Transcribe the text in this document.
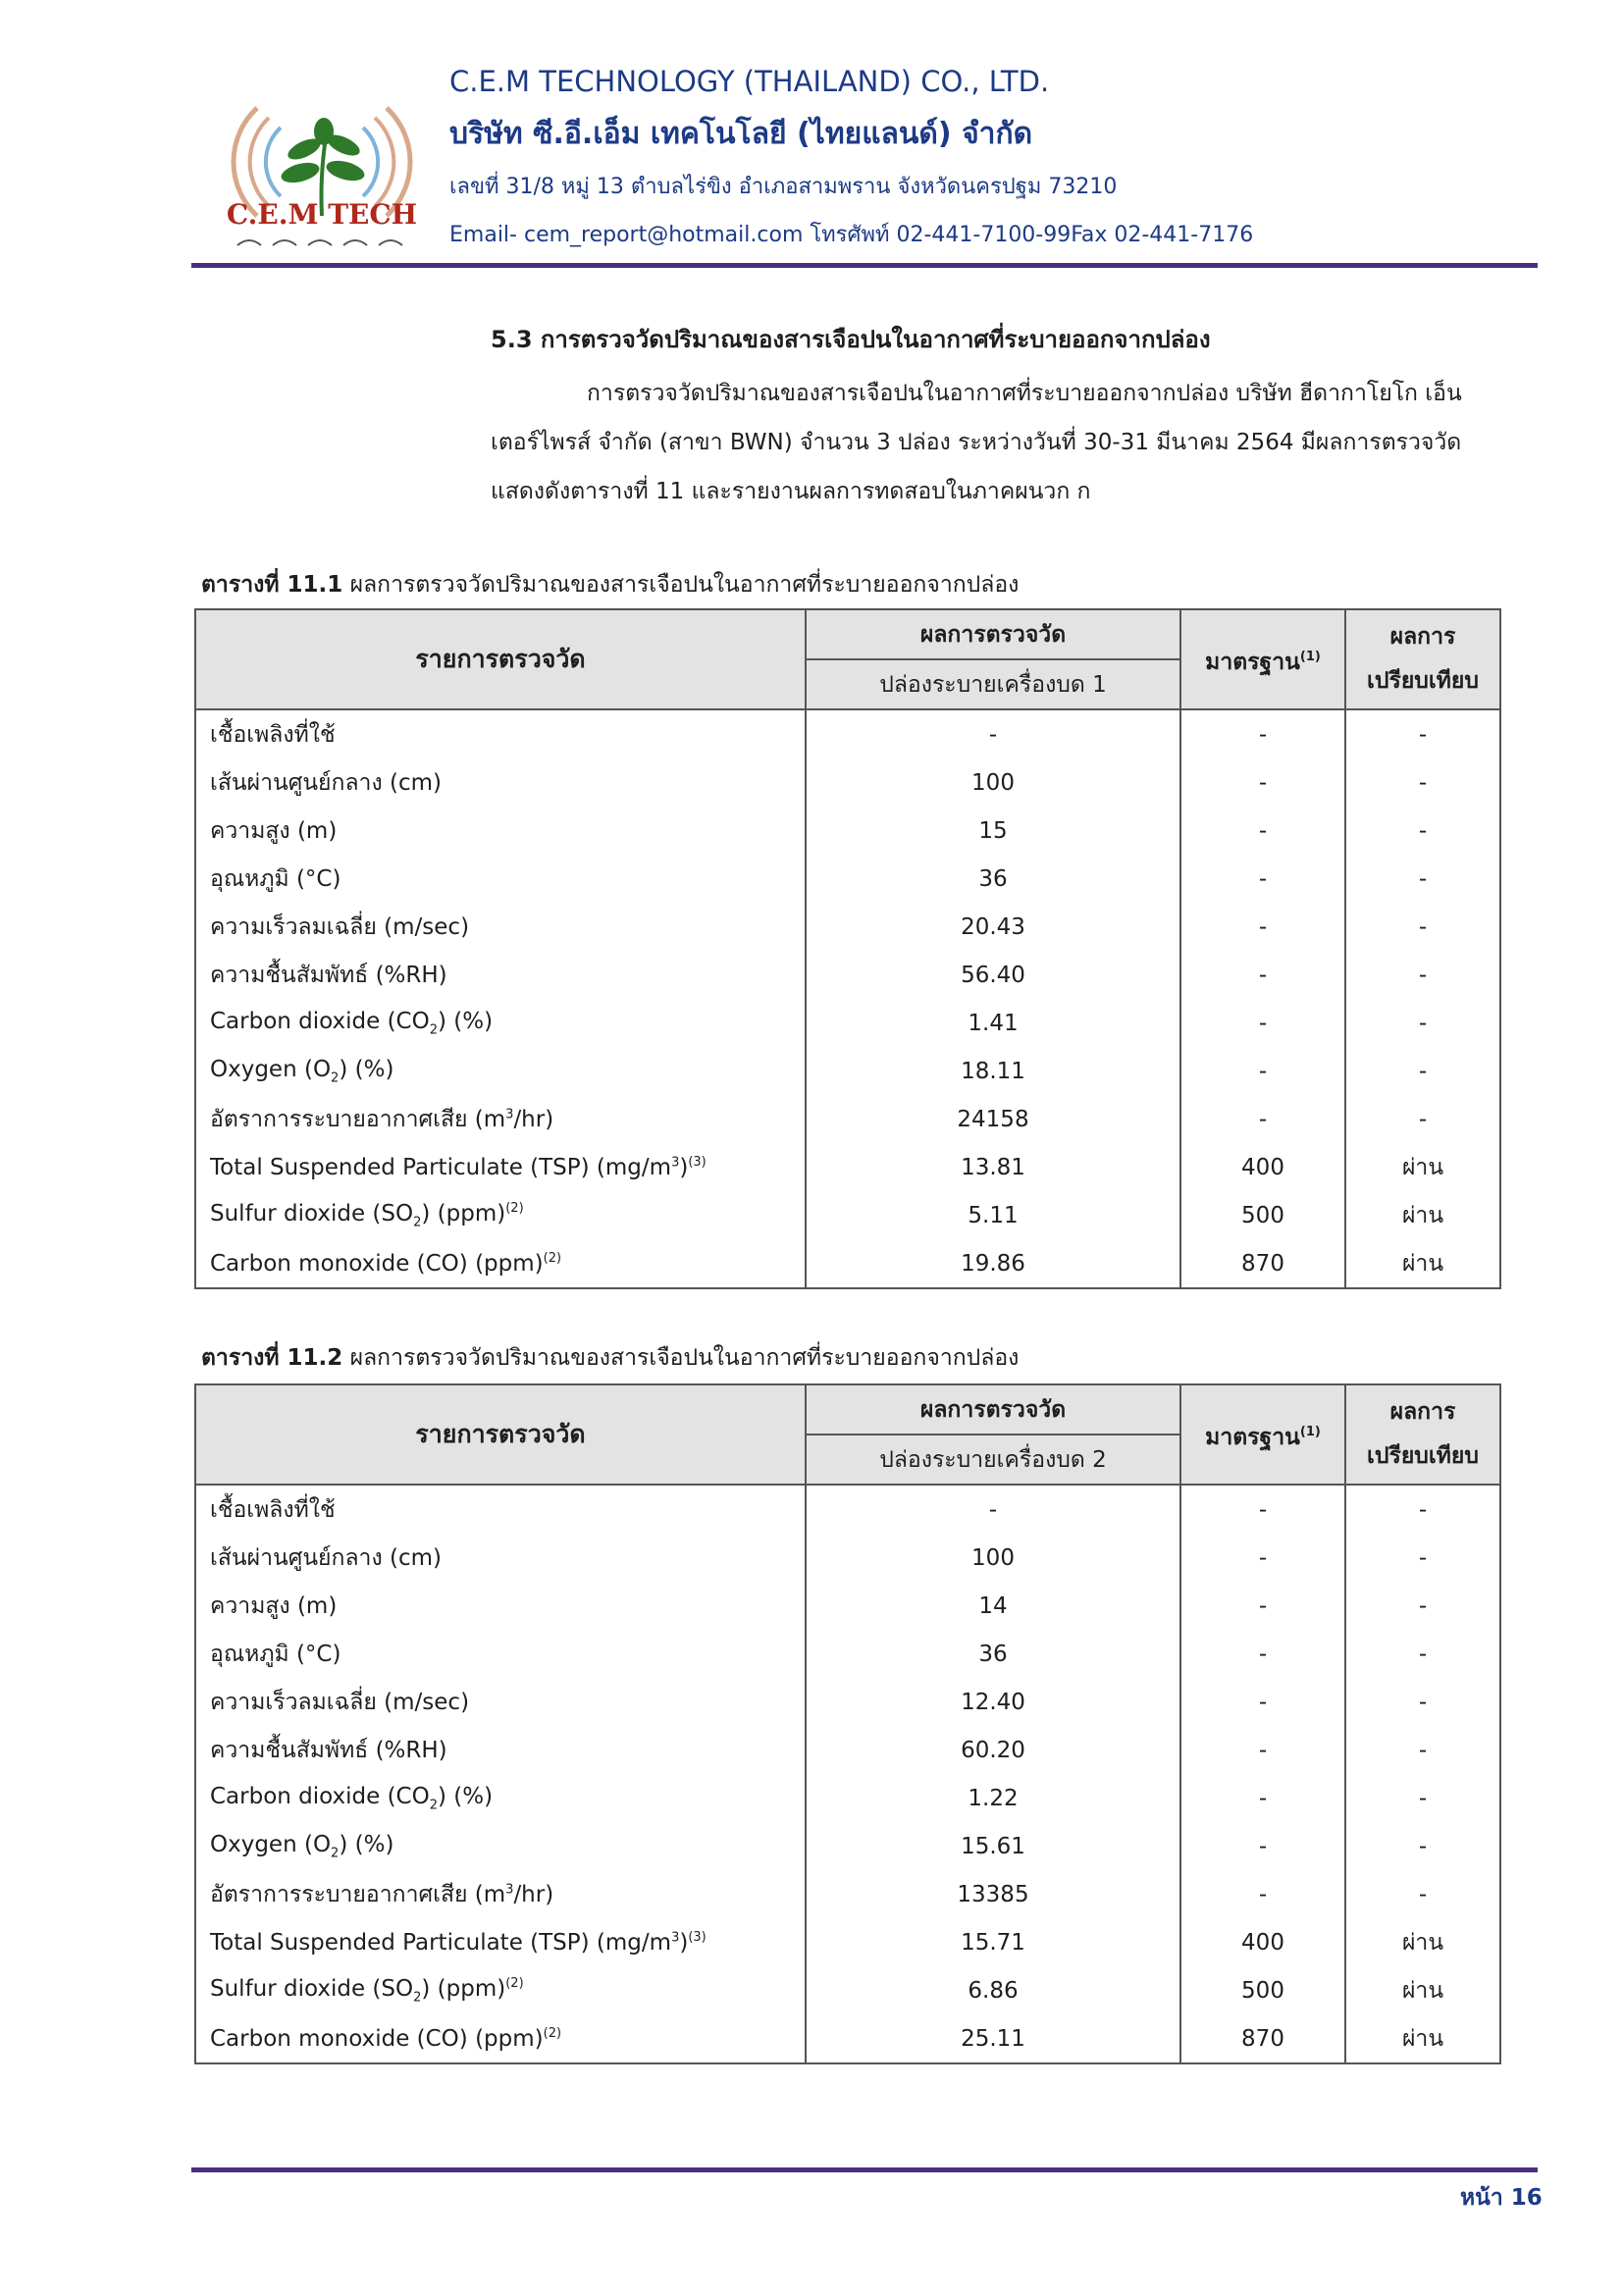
C.E.M TECH
C.E.M TECHNOLOGY (THAILAND) CO., LTD.
บริษัท ซี.อี.เอ็ม เทคโนโลยี (ไทยแลนด์) จำกัด
เลขที่ 31/8 หมู่ 13 ตำบลไร่ขิง อำเภอสามพราน จังหวัดนครปฐม 73210
Email- cem_report@hotmail.com โทรศัพท์ 02-441-7100-99Fax 02-441-7176
5.3 การตรวจวัดปริมาณของสารเจือปนในอากาศที่ระบายออกจากปล่อง
การตรวจวัดปริมาณของสารเจือปนในอากาศที่ระบายออกจากปล่อง บริษัท ฮีดากาโยโก เอ็น
เตอร์ไพรส์ จำกัด (สาขา BWN) จำนวน 3 ปล่อง ระหว่างวันที่ 30-31 มีนาคม 2564 มีผลการตรวจวัด
แสดงดังตารางที่ 11 และรายงานผลการทดสอบในภาคผนวก ก
ตารางที่ 11.1 ผลการตรวจวัดปริมาณของสารเจือปนในอากาศที่ระบายออกจากปล่อง
รายการตรวจวัด	ผลการตรวจวัด	มาตรฐาน$^{(1)}$	ผลการ
เปรียบเทียบ
	ปล่องระบายเครื่องบด 1		
เชื้อเพลิงที่ใช้	-	-	-
เส้นผ่านศูนย์กลาง (cm)	100	-	-
ความสูง (m)	15	-	-
อุณหภูมิ (°C)	36	-	-
ความเร็วลมเฉลี่ย (m/sec)	20.43	-	-
ความชื้นสัมพัทธ์ (%RH)	56.40	-	-
Carbon dioxide $(CO_2)$ (%)	1.41	-	-
Oxygen $(O_2)$ (%)	18.11	-	-
อัตราการระบายอากาศเสีย $(m^3/hr)$	24158	-	-
Total Suspended Particulate (TSP) $(mg/m^3)^{(3)}$	13.81	400	ผ่าน
Sulfur dioxide $(SO_2)$ (ppm)$^{(2)}$	5.11	500	ผ่าน
Carbon monoxide (CO) (ppm)$^{(2)}$	19.86	870	ผ่าน
ตารางที่ 11.2 ผลการตรวจวัดปริมาณของสารเจือปนในอากาศที่ระบายออกจากปล่อง
รายการตรวจวัด	ผลการตรวจวัด	มาตรฐาน$^{(1)}$	ผลการ
เปรียบเทียบ
	ปล่องระบายเครื่องบด 2		
เชื้อเพลิงที่ใช้	-	-	-
เส้นผ่านศูนย์กลาง (cm)	100	-	-
ความสูง (m)	14	-	-
อุณหภูมิ (°C)	36	-	-
ความเร็วลมเฉลี่ย (m/sec)	12.40	-	-
ความชื้นสัมพัทธ์ (%RH)	60.20	-	-
Carbon dioxide $(CO_2)$ (%)	1.22	-	-
Oxygen $(O_2)$ (%)	15.61	-	-
อัตราการระบายอากาศเสีย $(m^3/hr)$	13385	-	-
Total Suspended Particulate (TSP) $(mg/m^3)^{(3)}$	15.71	400	ผ่าน
Sulfur dioxide $(SO_2)$ (ppm)$^{(2)}$	6.86	500	ผ่าน
Carbon monoxide (CO) (ppm)$^{(2)}$	25.11	870	ผ่าน
หน้า 16
